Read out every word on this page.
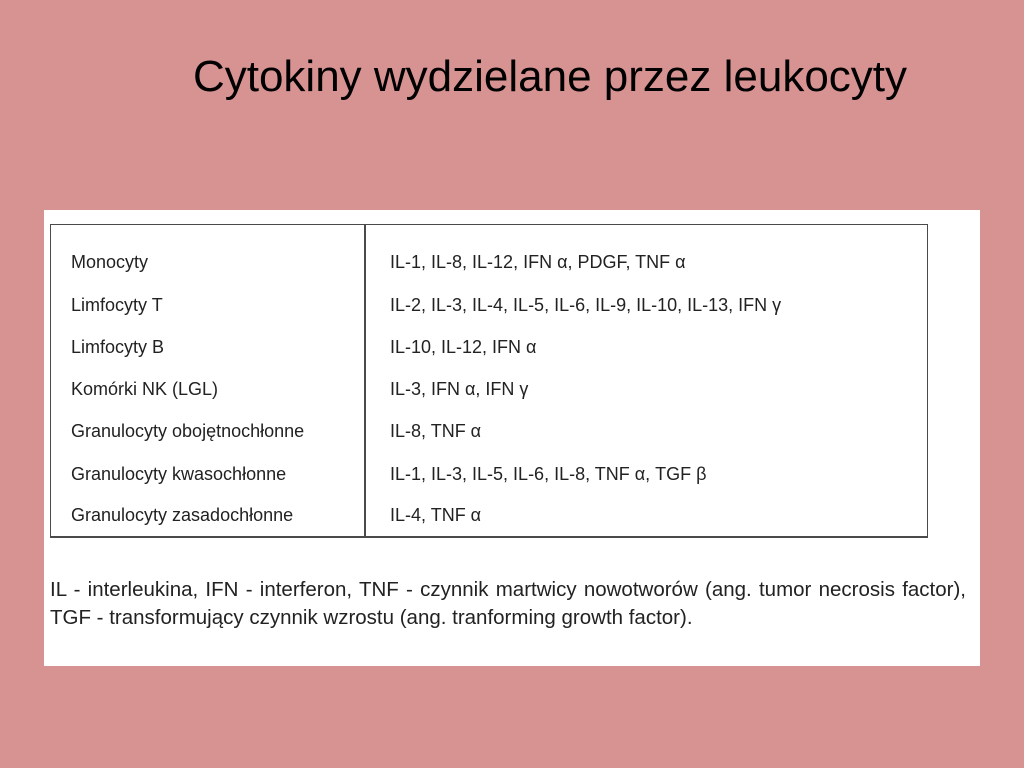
Cytokiny wydzielane przez leukocyty
Monocyty	IL-1, IL-8, IL-12, IFN α, PDGF, TNF α
Limfocyty T	IL-2, IL-3, IL-4, IL-5, IL-6, IL-9, IL-10, IL-13, IFN γ
Limfocyty B	IL-10, IL-12, IFN α
Komórki NK (LGL)	IL-3, IFN α, IFN γ
Granulocyty obojętnochłonne	IL-8, TNF α
Granulocyty kwasochłonne	IL-1, IL-3, IL-5, IL-6, IL-8, TNF α, TGF β
Granulocyty zasadochłonne	IL-4, TNF α
IL - interleukina, IFN - interferon, TNF - czynnik martwicy nowotworów (ang. tumor necrosis factor), TGF - transformujący czynnik wzrostu (ang. tranforming growth factor).
